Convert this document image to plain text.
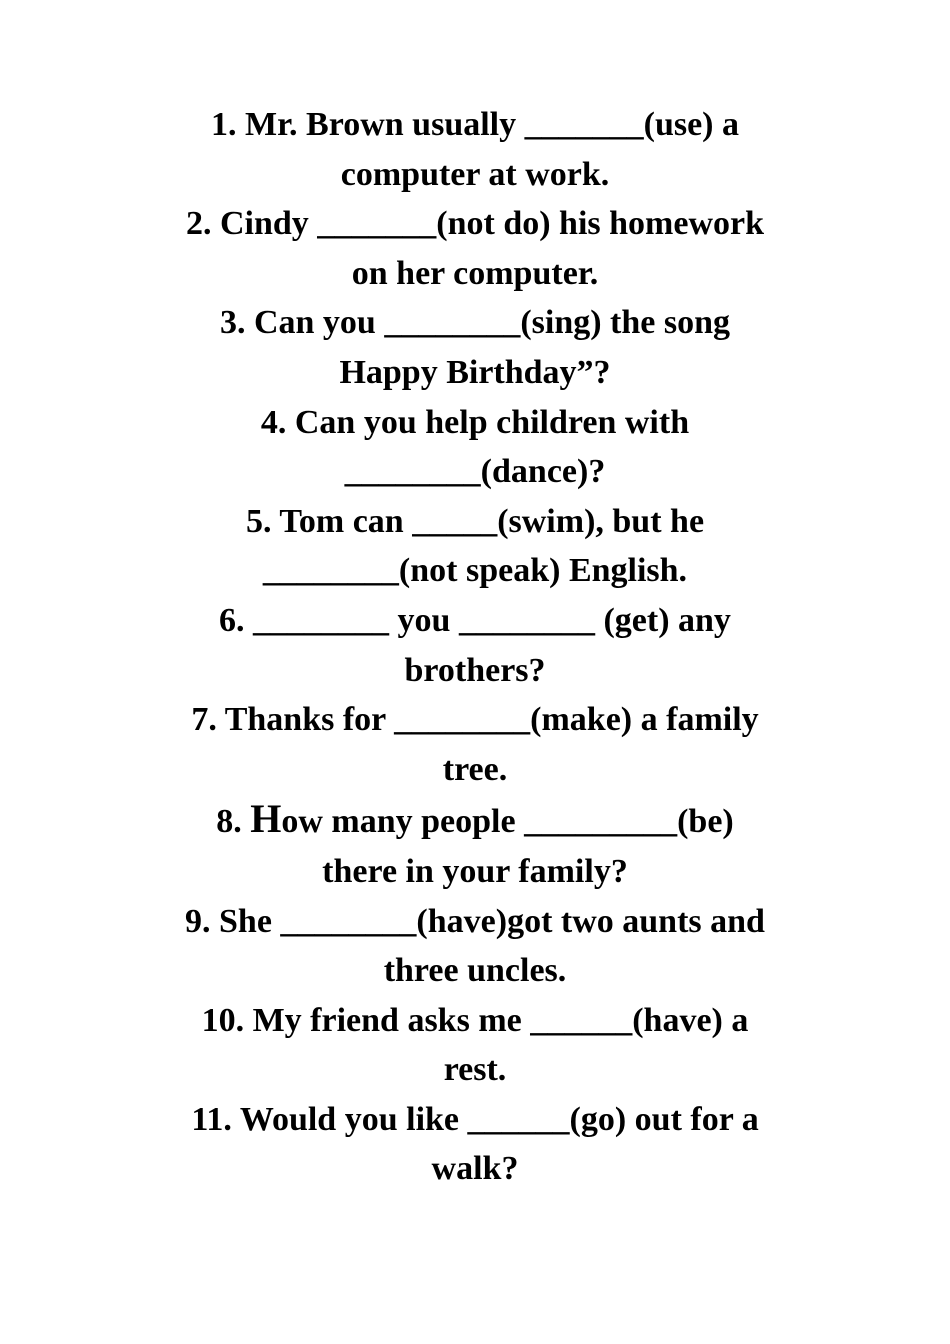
1. Mr. Brown usually _______(use) a
computer at work.
2. Cindy _______(not do) his homework
on her computer.
3. Can you ________(sing) the song
Happy Birthday”?
4. Can you help children with
________(dance)?
5. Tom can _____(swim), but he
________(not speak) English.
6. ________ you ________ (get) any
brothers?
7. Thanks for ________(make) a family
tree.
8. How many people _________(be)
there in your family?
9. She ________(have)got two aunts and
three uncles.
10. My friend asks me ______(have) a
rest.
11. Would you like ______(go) out for a
walk?
